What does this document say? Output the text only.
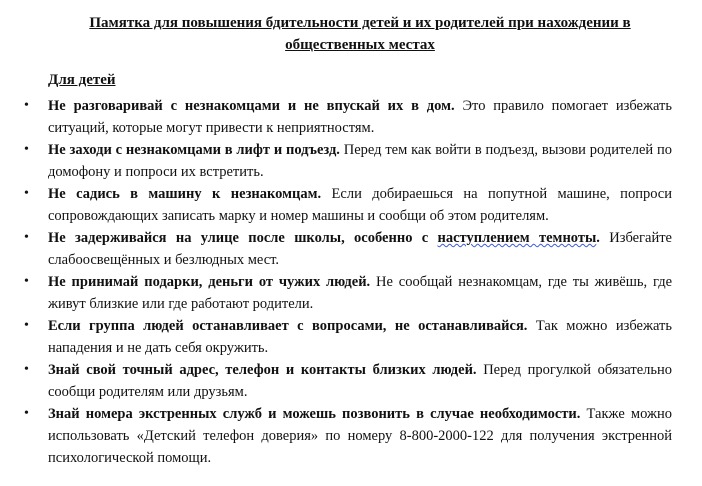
Памятка для повышения бдительности детей и их родителей при нахождении в
общественных местах
Для детей
•	Не разговаривай с незнакомцами и не впускай их в дом. Это правило помогает избежать ситуаций, которые могут привести к неприятностям.
•	Не заходи с незнакомцами в лифт и подъезд. Перед тем как войти в подъезд, вызови родителей по домофону и попроси их встретить.
•	Не садись в машину к незнакомцам. Если добираешься на попутной машине, попроси сопровождающих записать марку и номер машины и сообщи об этом родителям.
•	Не задерживайся на улице после школы, особенно с наступлением темноты. Избегайте слабоосвещённых и безлюдных мест.
•	Не принимай подарки, деньги от чужих людей. Не сообщай незнакомцам, где ты живёшь, где живут близкие или где работают родители.
•	Если группа людей останавливает с вопросами, не останавливайся. Так можно избежать нападения и не дать себя окружить.
•	Знай свой точный адрес, телефон и контакты близких людей. Перед прогулкой обязательно сообщи родителям или друзьям.
•	Знай номера экстренных служб и можешь позвонить в случае необходимости. Также можно использовать «Детский телефон доверия» по номеру 8-800-2000-122 для получения экстренной психологической помощи.
